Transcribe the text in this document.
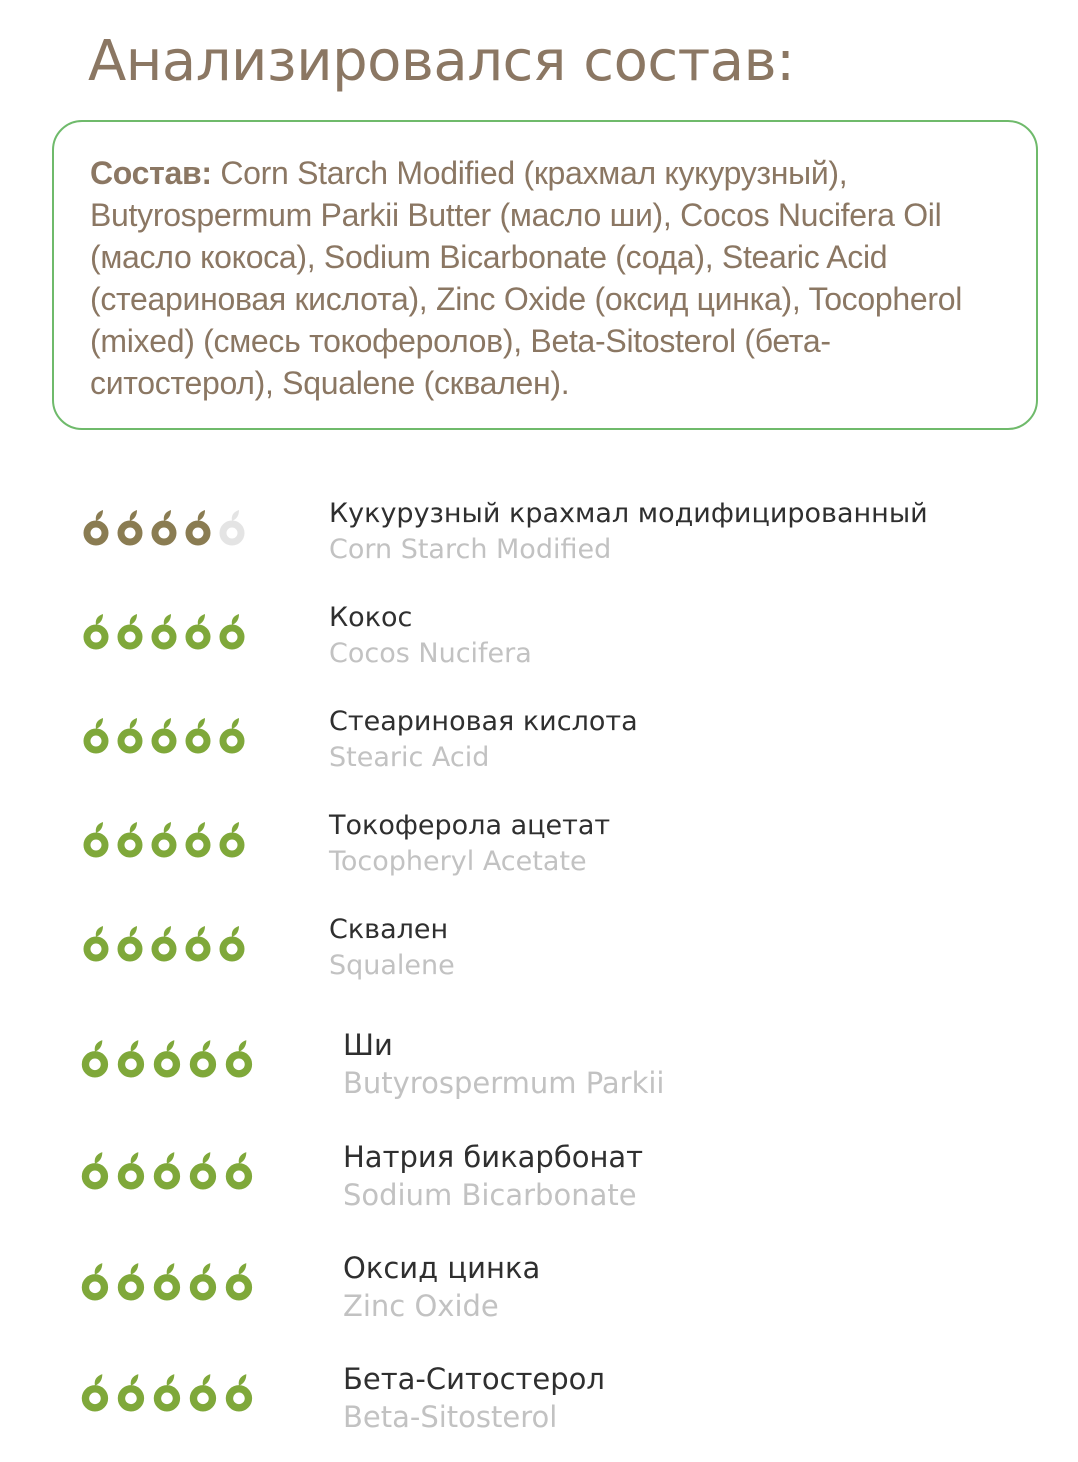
Анализировался состав:

Состав: Corn Starch Modified (крахмал кукурузный), Butyrospermum Parkii Butter (масло ши), Cocos Nucifera Oil (масло кокоса), Sodium Bicarbonate (сода), Stearic Acid (стеариновая кислота), Zinc Oxide (оксид цинка), Tocopherol (mixed) (смесь токоферолов), Beta-Sitosterol (бета-ситостерол), Squalene (сквален).

Кукурузный крахмал модифицированный
Corn Starch Modified
Кокос
Cocos Nucifera
Стеариновая кислота
Stearic Acid
Токоферола ацетат
Tocopheryl Acetate
Сквален
Squalene
Ши
Butyrospermum Parkii
Натрия бикарбонат
Sodium Bicarbonate
Оксид цинка
Zinc Oxide
Бета-Ситостерол
Beta-Sitosterol
